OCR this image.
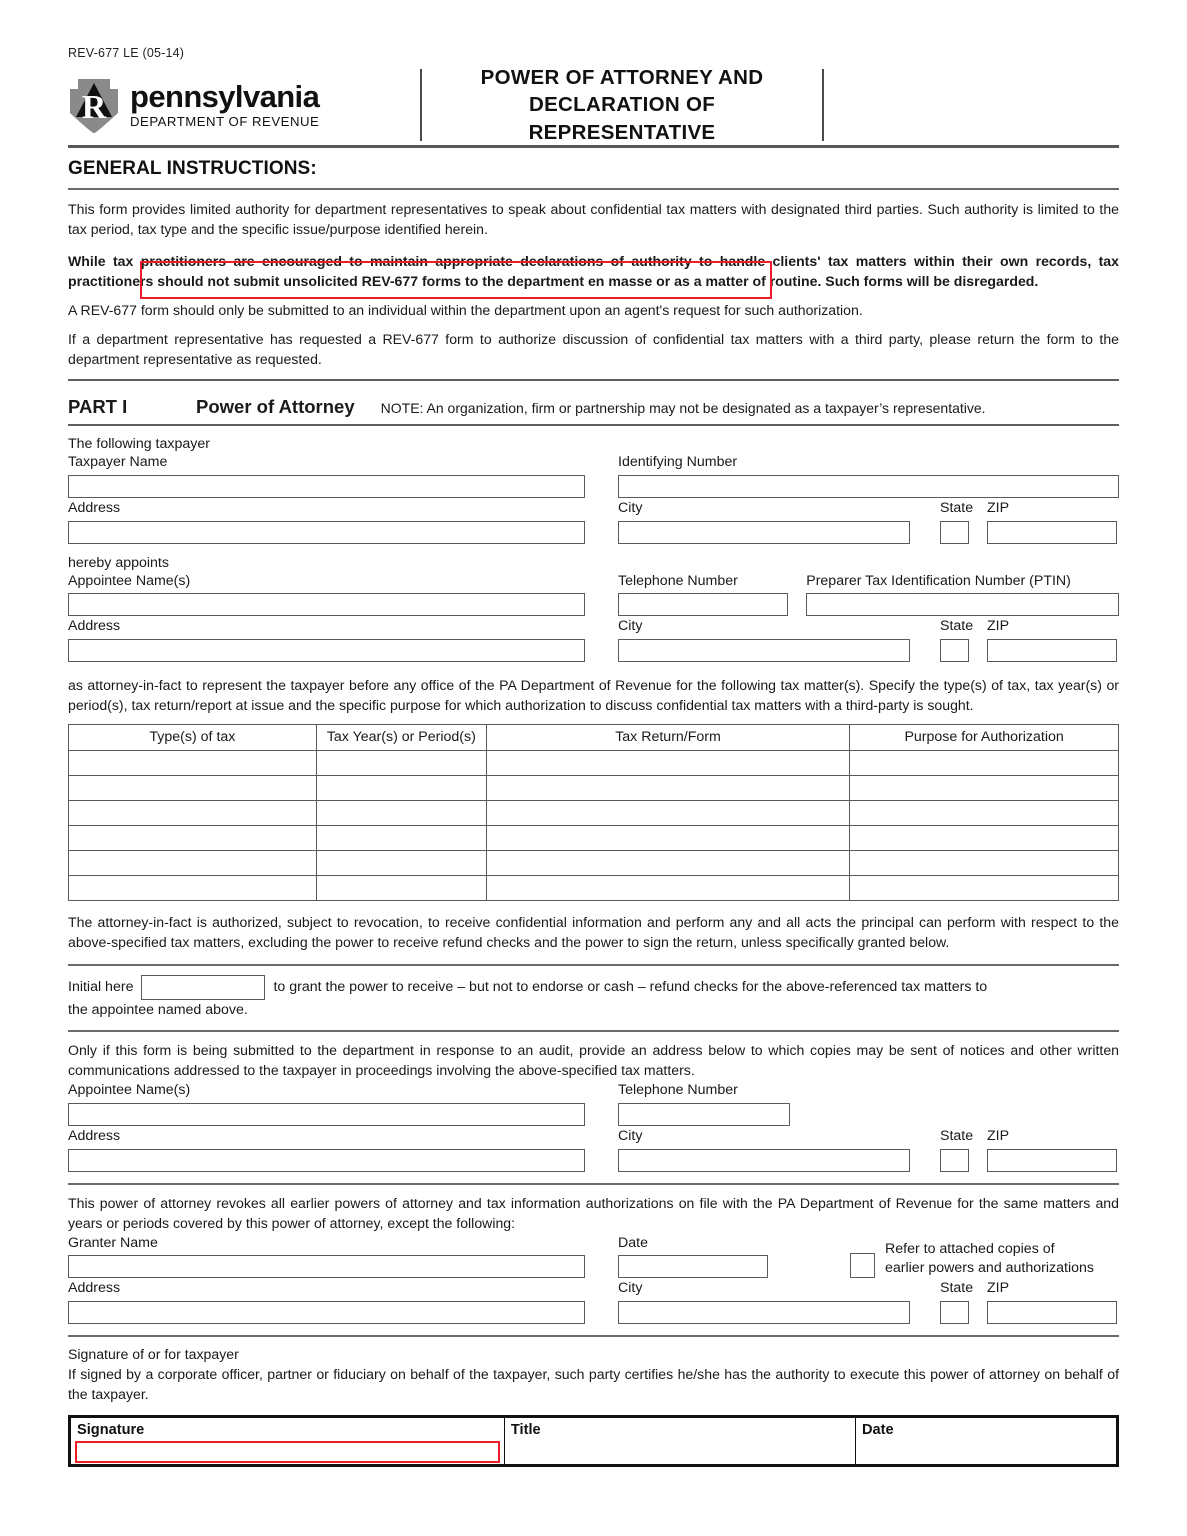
REV-677 LE (05-14)
R pennsylvania
DEPARTMENT OF REVENUE
POWER OF ATTORNEY AND
DECLARATION OF
REPRESENTATIVE
GENERAL INSTRUCTIONS:

This form provides limited authority for department representatives to speak about confidential tax matters with designated third parties. Such authority is limited to the tax period, tax type and the specific issue/purpose identified herein.

While tax practitioners are encouraged to maintain appropriate declarations of authority to handle clients' tax matters within their own records, tax practitioners should not submit unsolicited REV-677 forms to the department en masse or as a matter of routine. Such forms will be disregarded.

A REV-677 form should only be submitted to an individual within the department upon an agent's request for such authorization.

If a department representative has requested a REV-677 form to authorize discussion of confidential tax matters with a third party, please return the form to the department representative as requested.

PART I	Power of Attorney NOTE: An organization, firm or partnership may not be designated as a taxpayer’s representative.
The following taxpayer
Taxpayer Name	Identifying Number
Address	City	State ZIP
hereby appoints
Appointee Name(s)	Telephone Number	Preparer Tax Identification Number (PTIN)
Address	City	State ZIP

as attorney-in-fact to represent the taxpayer before any office of the PA Department of Revenue for the following tax matter(s). Specify the type(s) of tax, tax year(s) or period(s), tax return/report at issue and the specific purpose for which authorization to discuss confidential tax matters with a third-party is sought.

Type(s) of tax	Tax Year(s) or Period(s)	Tax Return/Form	Purpose for Authorization

The attorney-in-fact is authorized, subject to revocation, to receive confidential information and perform any and all acts the principal can perform with respect to the above-specified tax matters, excluding the power to receive refund checks and the power to sign the return, unless specifically granted below.

Initial here	to grant the power to receive – but not to endorse or cash – refund checks for the above-referenced tax matters to
the appointee named above.

Only if this form is being submitted to the department in response to an audit, provide an address below to which copies may be sent of notices and other written communications addressed to the taxpayer in proceedings involving the above-specified tax matters.

Appointee Name(s)	Telephone Number
Address	City	State ZIP

This power of attorney revokes all earlier powers of attorney and tax information authorizations on file with the PA Department of Revenue for the same matters and years or periods covered by this power of attorney, except the following:

Granter Name	Date	Refer to attached copies of
earlier powers and authorizations
Address	City	State ZIP

Signature of or for taxpayer

If signed by a corporate officer, partner or fiduciary on behalf of the taxpayer, such party certifies he/she has the authority to execute this power of attorney on behalf of the taxpayer.

Signature	Title	Date
